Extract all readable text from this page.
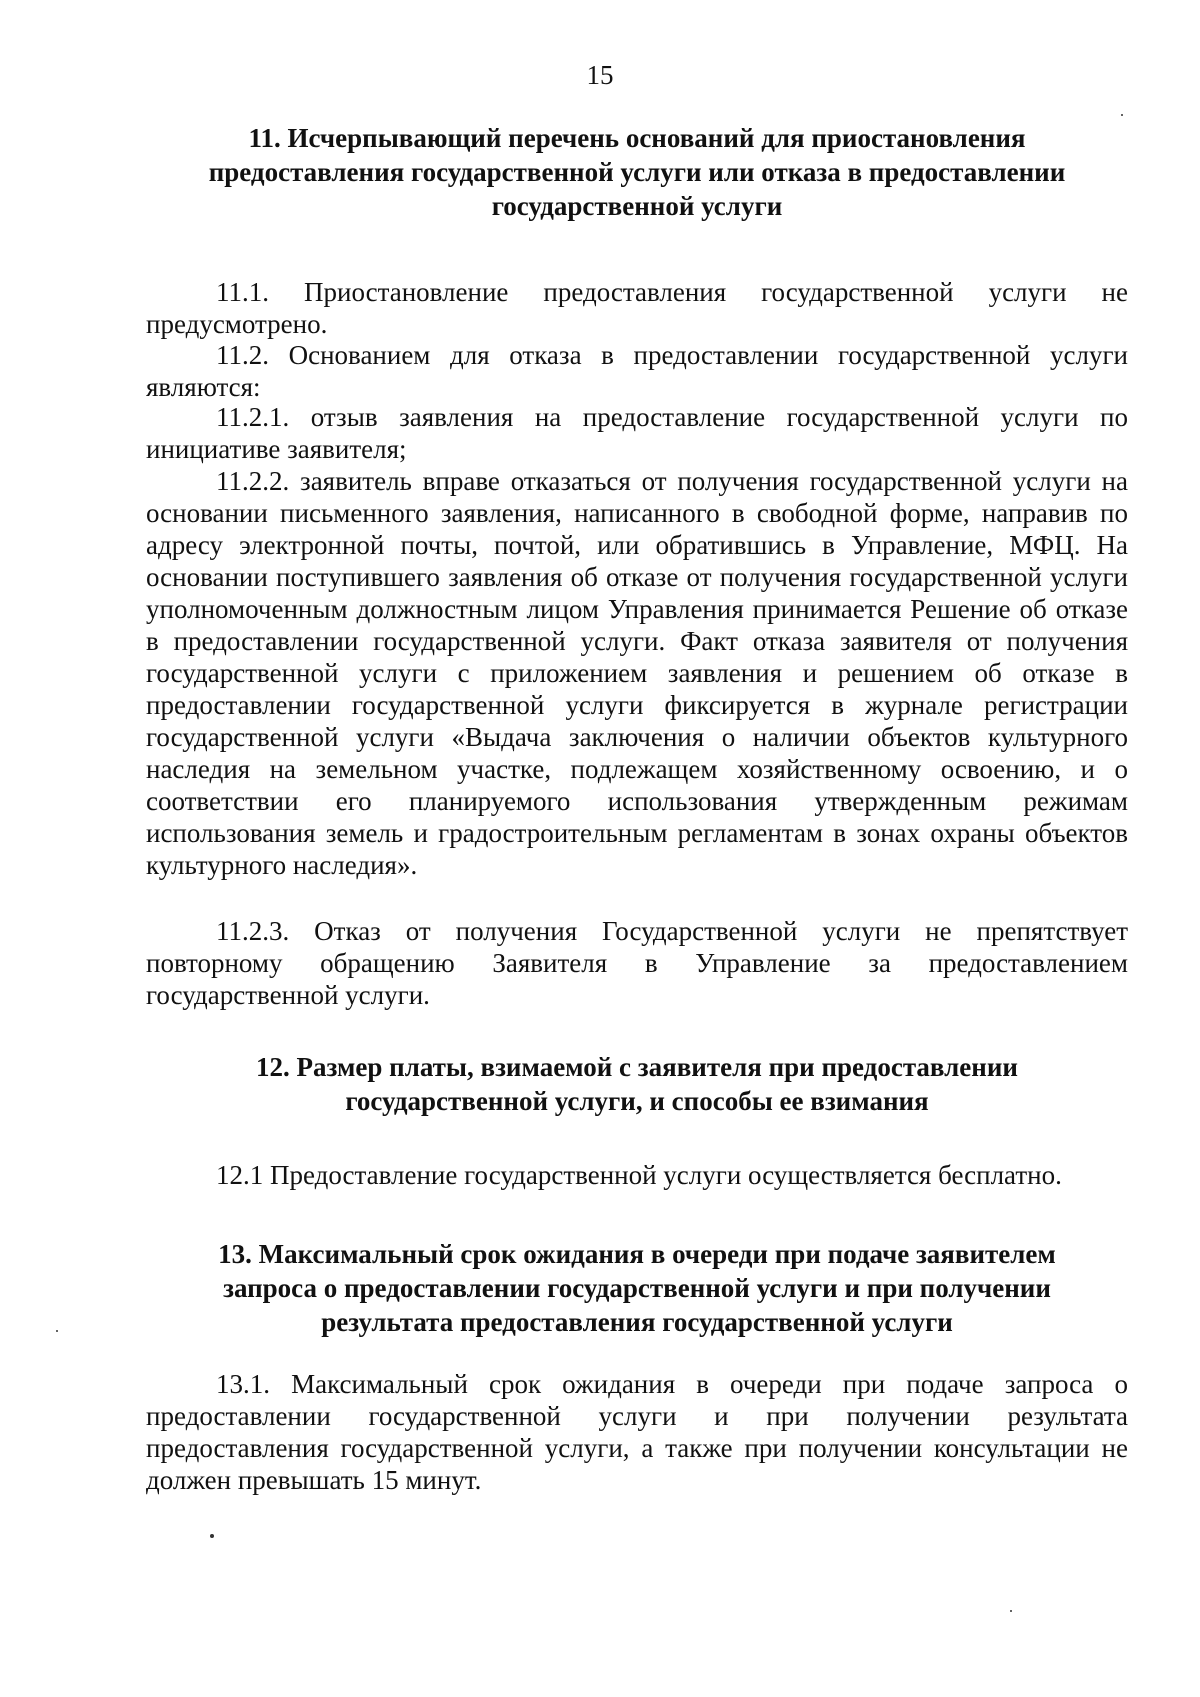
15
11. Исчерпывающий перечень оснований для приостановления
предоставления государственной услуги или отказа в предоставлении
государственной услуги

11.1. Приостановление предоставления государственной услуги не предусмотрено.

11.2. Основанием для отказа в предоставлении государственной услуги являются:

11.2.1. отзыв заявления на предоставление государственной услуги по инициативе заявителя;

11.2.2. заявитель вправе отказаться от получения государственной услуги на основании письменного заявления, написанного в свободной форме, направив по адресу электронной почты, почтой, или обратившись в Управление, МФЦ. На основании поступившего заявления об отказе от получения государственной услуги уполномоченным должностным лицом Управления принимается Решение об отказе в предоставлении государственной услуги. Факт отказа заявителя от получения государственной услуги с приложением заявления и решением об отказе в предоставлении государственной услуги фиксируется в журнале регистрации государственной услуги «Выдача заключения о наличии объектов культурного наследия на земельном участке, подлежащем хозяйственному освоению, и о соответствии его планируемого использования утвержденным режимам использования земель и градостроительным регламентам в зонах охраны объектов культурного наследия».

11.2.3. Отказ от получения Государственной услуги не препятствует повторному обращению Заявителя в Управление за предоставлением государственной услуги.

12. Размер платы, взимаемой с заявителя при предоставлении
государственной услуги, и способы ее взимания

12.1 Предоставление государственной услуги осуществляется бесплатно.

13. Максимальный срок ожидания в очереди при подаче заявителем
запроса о предоставлении государственной услуги и при получении
результата предоставления государственной услуги

13.1. Максимальный срок ожидания в очереди при подаче запроса о предоставлении государственной услуги и при получении результата предоставления государственной услуги, а также при получении консультации не должен превышать 15 минут.
